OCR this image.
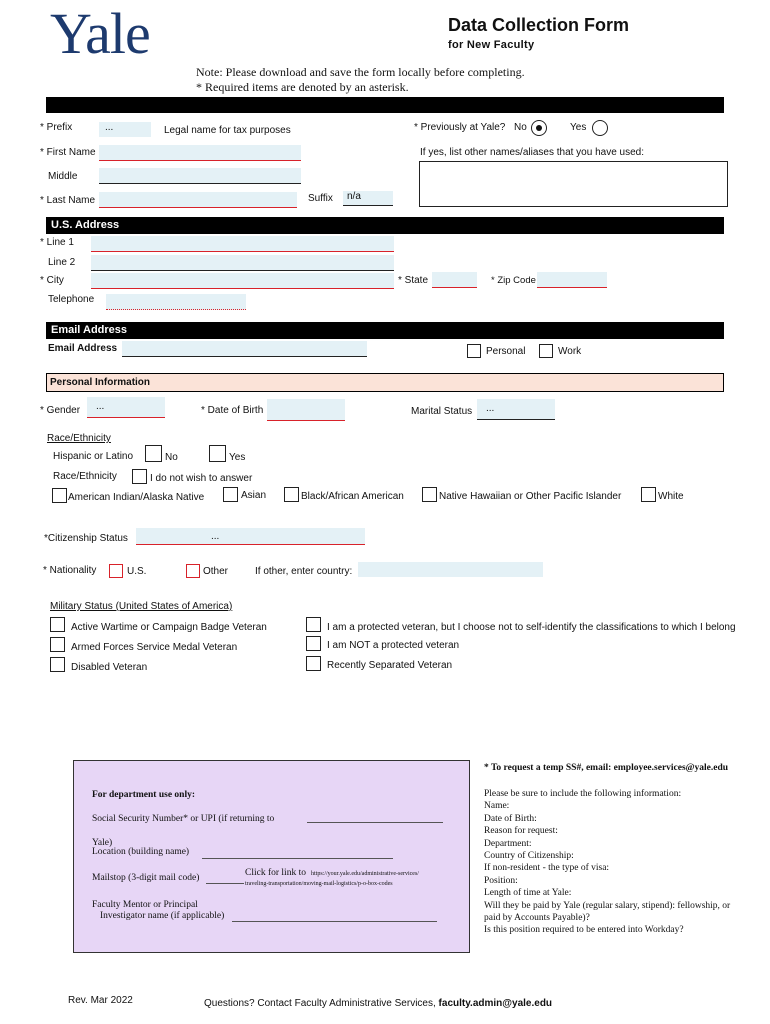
Yale	Data Collection Form
for New Faculty
Note: Please download and save the form locally before completing.
* Required items are denoted by an asterisk.
* Prefix	...	Legal name for tax purposes
* First Name
Middle
* Last Name	Suffix	n/a
* Previously at Yale? No	Yes
If yes, list other names/aliases that you have used:
U.S. Address
* Line 1
Line 2
* City	* State	* Zip Code
Telephone
Email Address
Email Address	Personal	Work
Personal Information
* Gender	...	* Date of Birth	Marital Status	...
Race/Ethnicity
Hispanic or Latino	No	Yes
Race/Ethnicity	I do not wish to answer
American Indian/Alaska Native	Asian	Black/African American	Native Hawaiian or Other Pacific Islander	White
*Citizenship Status	...
* Nationality	U.S.	Other	If other, enter country:
Military Status (United States of America)
Active Wartime or Campaign Badge Veteran
Armed Forces Service Medal Veteran
Disabled Veteran
I am a protected veteran, but I choose not to self-identify the classifications to which I belong
I am NOT a protected veteran
Recently Separated Veteran
For department use only:
Social Security Number* or UPI (if returning to
Yale)
Location (building name)
Mailstop (3-digit mail code)	Click for link to https://your.yale.edu/administrative-services/
traveling-transportation/moving-mail-logistics/p-o-box-codes
Faculty Mentor or Principal
Investigator name (if applicable)
* To request a temp SS#, email: employee.services@yale.edu
Please be sure to include the following information:
Name:
Date of Birth:
Reason for request:
Department:
Country of Citizenship:
If non-resident - the type of visa:
Position:
Length of time at Yale:
Will they be paid by Yale (regular salary, stipend): fellowship, or
paid by Accounts Payable)?
Is this position required to be entered into Workday?
Rev. Mar 2022	Questions? Contact Faculty Administrative Services, faculty.admin@yale.edu
